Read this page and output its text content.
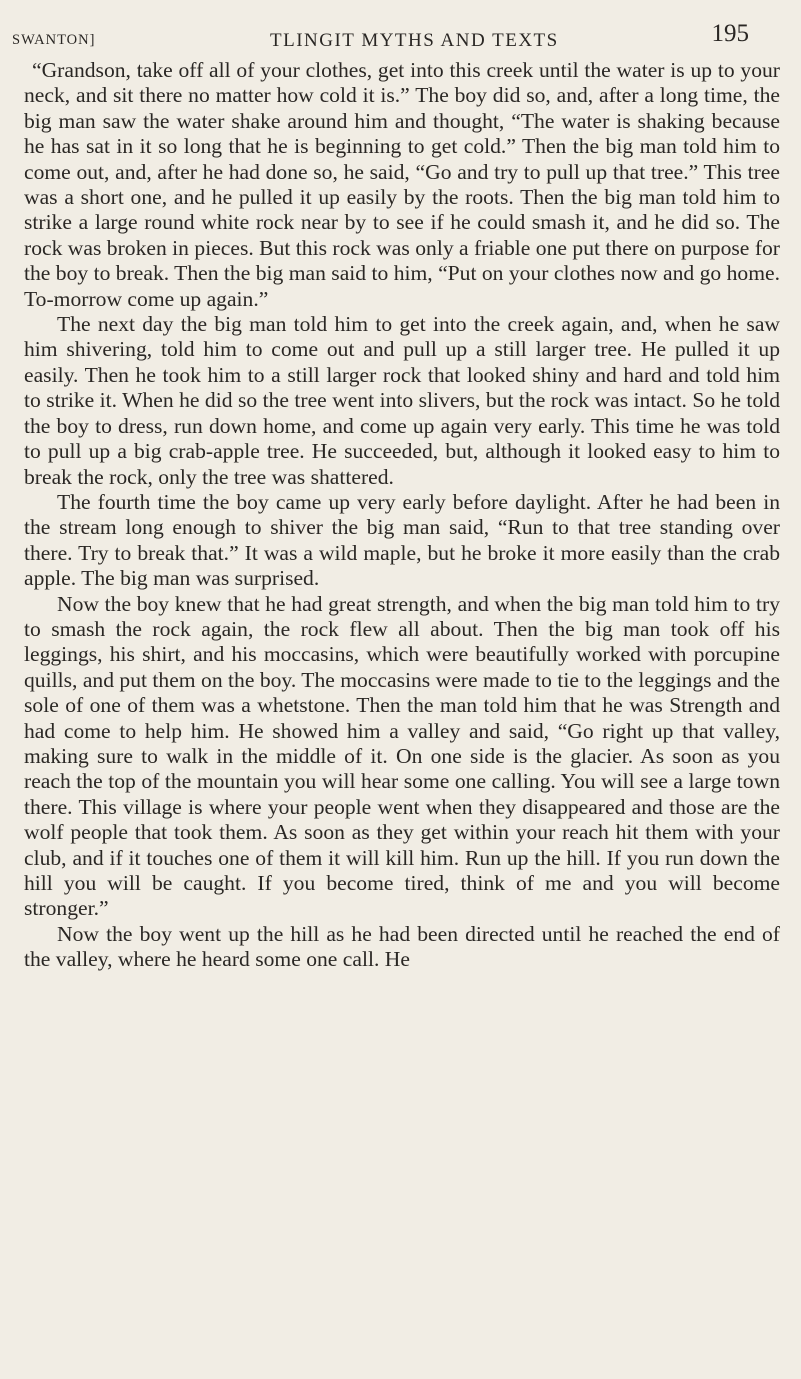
SWANTON]	TLINGIT MYTHS AND TEXTS	195

“Grandson, take off all of your clothes, get into this creek until the water is up to your neck, and sit there no matter how cold it is.” The boy did so, and, after a long time, the big man saw the water shake around him and thought, “The water is shaking because he has sat in it so long that he is beginning to get cold.” Then the big man told him to come out, and, after he had done so, he said, “Go and try to pull up that tree.” This tree was a short one, and he pulled it up easily by the roots. Then the big man told him to strike a large round white rock near by to see if he could smash it, and he did so. The rock was broken in pieces. But this rock was only a friable one put there on purpose for the boy to break. Then the big man said to him, “Put on your clothes now and go home. To-morrow come up again.”

The next day the big man told him to get into the creek again, and, when he saw him shivering, told him to come out and pull up a still larger tree. He pulled it up easily. Then he took him to a still larger rock that looked shiny and hard and told him to strike it. When he did so the tree went into slivers, but the rock was intact. So he told the boy to dress, run down home, and come up again very early. This time he was told to pull up a big crab-apple tree. He succeeded, but, although it looked easy to him to break the rock, only the tree was shattered.

The fourth time the boy came up very early before daylight. After he had been in the stream long enough to shiver the big man said, “Run to that tree standing over there. Try to break that.” It was a wild maple, but he broke it more easily than the crab apple. The big man was surprised.

Now the boy knew that he had great strength, and when the big man told him to try to smash the rock again, the rock flew all about. Then the big man took off his leggings, his shirt, and his moccasins, which were beautifully worked with porcupine quills, and put them on the boy. The moccasins were made to tie to the leggings and the sole of one of them was a whetstone. Then the man told him that he was Strength and had come to help him. He showed him a valley and said, “Go right up that valley, making sure to walk in the middle of it. On one side is the glacier. As soon as you reach the top of the mountain you will hear some one calling. You will see a large town there. This village is where your people went when they disappeared and those are the wolf people that took them. As soon as they get within your reach hit them with your club, and if it touches one of them it will kill him. Run up the hill. If you run down the hill you will be caught. If you become tired, think of me and you will become stronger.”

Now the boy went up the hill as he had been directed until he reached the end of the valley, where he heard some one call. He
